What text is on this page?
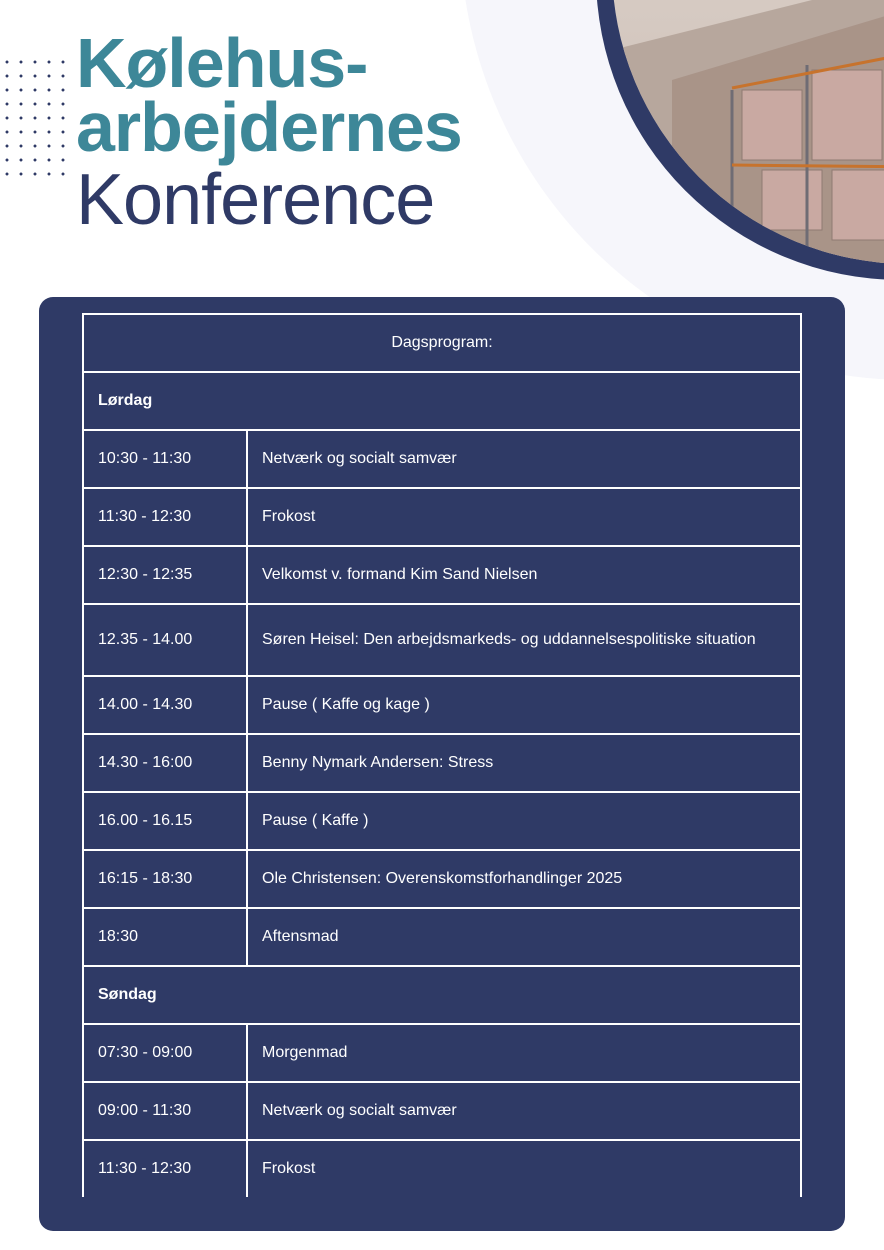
Kølehus-
arbejdernes
Konference
Dagsprogram:	
Lørdag	
10:30 - 11:30	Netværk og socialt samvær
11:30 - 12:30	Frokost
12:30 - 12:35	Velkomst v. formand Kim Sand Nielsen
12.35 - 14.00	Søren Heisel: Den arbejdsmarkeds- og uddannelsespolitiske situation
14.00 - 14.30	Pause ( Kaffe og kage )
14.30 - 16:00	Benny Nymark Andersen: Stress
16.00 - 16.15	Pause ( Kaffe )
16:15 - 18:30	Ole Christensen: Overenskomstforhandlinger 2025
18:30	Aftensmad
Søndag	
07:30 - 09:00	Morgenmad
09:00 - 11:30	Netværk og socialt samvær
11:30 - 12:30	Frokost
